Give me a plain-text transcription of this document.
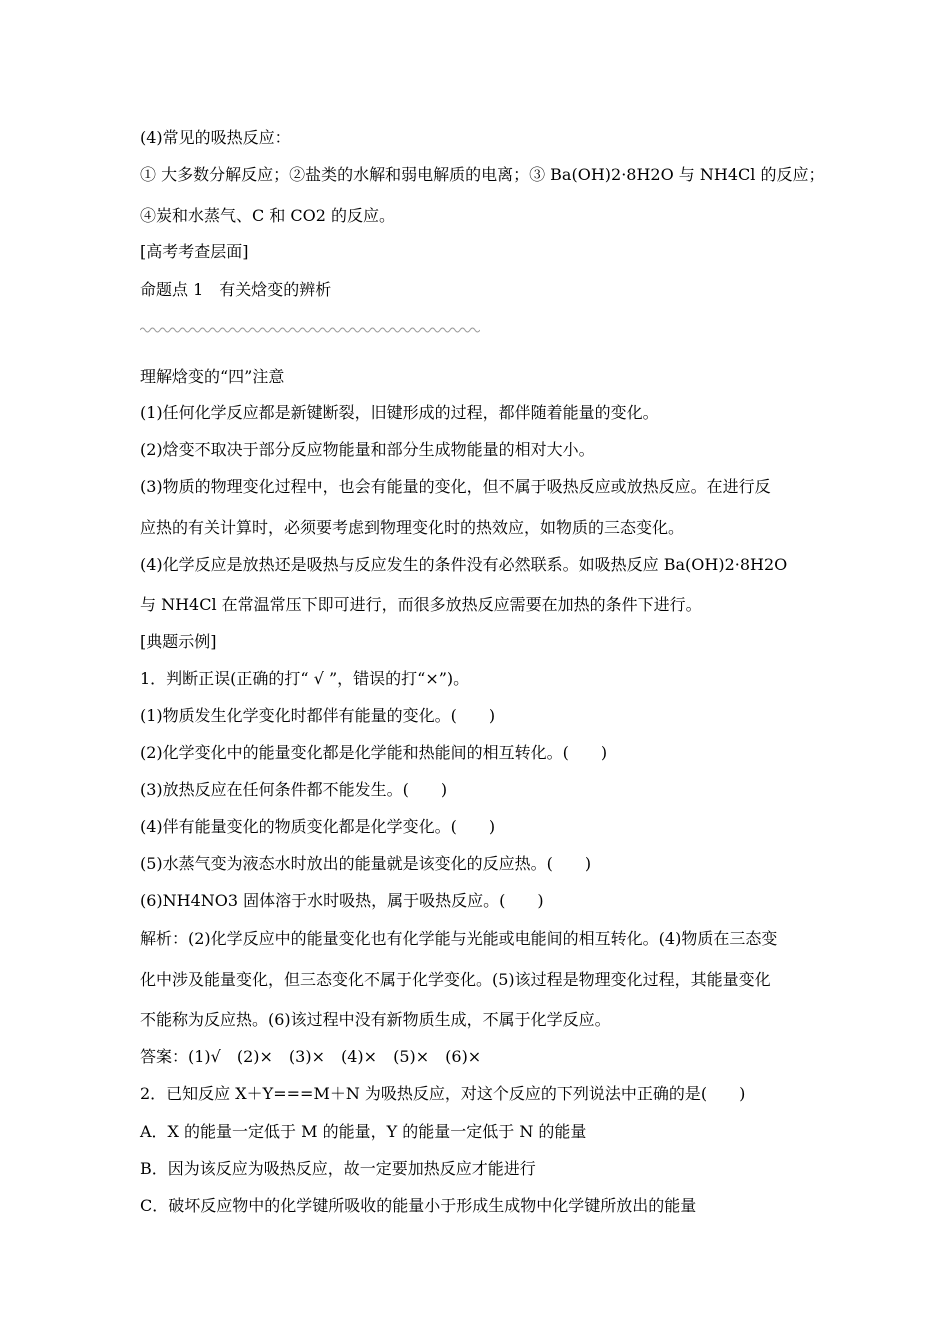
(4)常见的吸热反应：
① 大多数分解反应；②盐类的水解和弱电解质的电离；③ Ba(OH)2·8H2O 与 NH4Cl 的反应；
④炭和水蒸气、C 和 CO2 的反应。
[高考考查层面]
命题点 1　有关焓变的辨析
理解焓变的“四”注意
(1)任何化学反应都是新键断裂，旧键形成的过程，都伴随着能量的变化。
(2)焓变不取决于部分反应物能量和部分生成物能量的相对大小。
(3)物质的物理变化过程中，也会有能量的变化，但不属于吸热反应或放热反应。在进行反
应热的有关计算时，必须要考虑到物理变化时的热效应，如物质的三态变化。
(4)化学反应是放热还是吸热与反应发生的条件没有必然联系。如吸热反应 Ba(OH)2·8H2O
与 NH4Cl 在常温常压下即可进行，而很多放热反应需要在加热的条件下进行。
[典题示例]
1．判断正误(正确的打“ √ ”，错误的打“×”)。
(1)物质发生化学变化时都伴有能量的变化。(　　)
(2)化学变化中的能量变化都是化学能和热能间的相互转化。(　　)
(3)放热反应在任何条件都不能发生。(　　)
(4)伴有能量变化的物质变化都是化学变化。(　　)
(5)水蒸气变为液态水时放出的能量就是该变化的反应热。(　　)
(6)NH4NO3 固体溶于水时吸热，属于吸热反应。(　　)
解析：(2)化学反应中的能量变化也有化学能与光能或电能间的相互转化。(4)物质在三态变
化中涉及能量变化，但三态变化不属于化学变化。(5)该过程是物理变化过程，其能量变化
不能称为反应热。(6)该过程中没有新物质生成，不属于化学反应。
答案：(1)√　(2)×　(3)×　(4)×　(5)×　(6)×
2．已知反应 X＋Y===M＋N 为吸热反应，对这个反应的下列说法中正确的是(　　)
A．X 的能量一定低于 M 的能量，Y 的能量一定低于 N 的能量
B．因为该反应为吸热反应，故一定要加热反应才能进行
C．破坏反应物中的化学键所吸收的能量小于形成生成物中化学键所放出的能量
